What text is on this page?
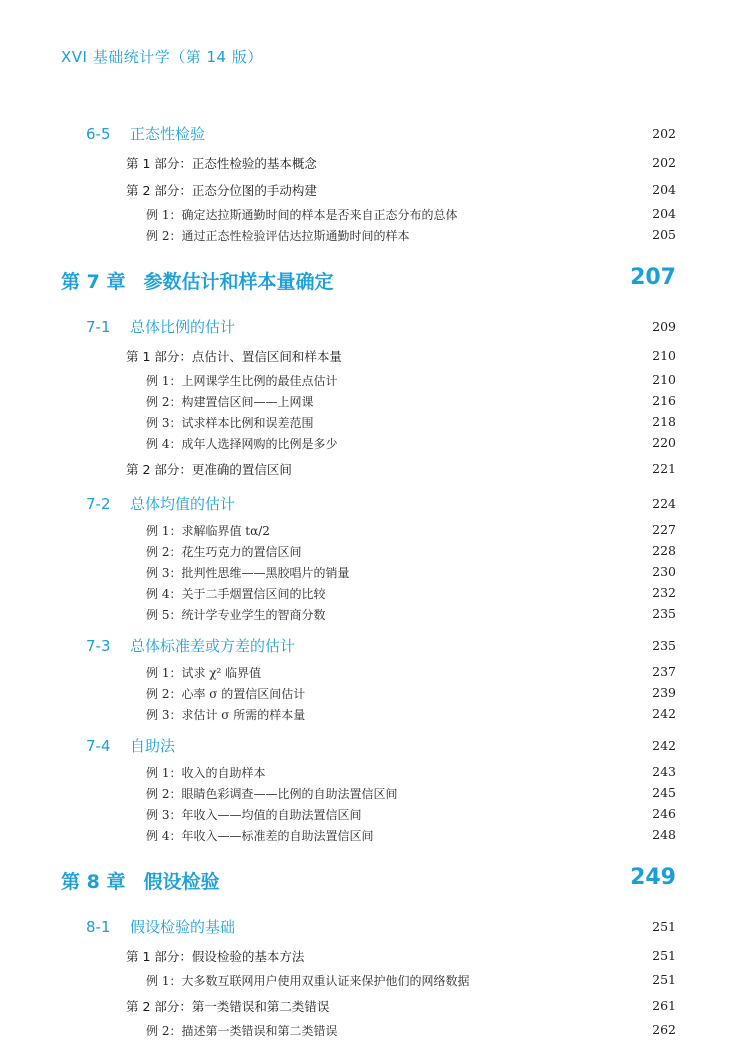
XVI 基础统计学（第 14 版）
6-5 正态性检验	202
第 1 部分：正态性检验的基本概念	202
第 2 部分：正态分位图的手动构建	204
例 1：确定达拉斯通勤时间的样本是否来自正态分布的总体	204
例 2：通过正态性检验评估达拉斯通勤时间的样本	205
第 7 章 参数估计和样本量确定	207
7-1 总体比例的估计	209
第 1 部分：点估计、置信区间和样本量	210
例 1：上网课学生比例的最佳点估计	210
例 2：构建置信区间——上网课	216
例 3：试求样本比例和误差范围	218
例 4：成年人选择网购的比例是多少	220
第 2 部分：更准确的置信区间	221
7-2 总体均值的估计	224
例 1：求解临界值 tα/2	227
例 2：花生巧克力的置信区间	228
例 3：批判性思维——黑胶唱片的销量	230
例 4：关于二手烟置信区间的比较	232
例 5：统计学专业学生的智商分数	235
7-3 总体标准差或方差的估计	235
例 1：试求 χ² 临界值	237
例 2：心率 σ 的置信区间估计	239
例 3：求估计 σ 所需的样本量	242
7-4 自助法	242
例 1：收入的自助样本	243
例 2：眼睛色彩调查——比例的自助法置信区间	245
例 3：年收入——均值的自助法置信区间	246
例 4：年收入——标准差的自助法置信区间	248
第 8 章 假设检验	249
8-1 假设检验的基础	251
第 1 部分：假设检验的基本方法	251
例 1：大多数互联网用户使用双重认证来保护他们的网络数据	251
第 2 部分：第一类错误和第二类错误	261
例 2：描述第一类错误和第二类错误	262
